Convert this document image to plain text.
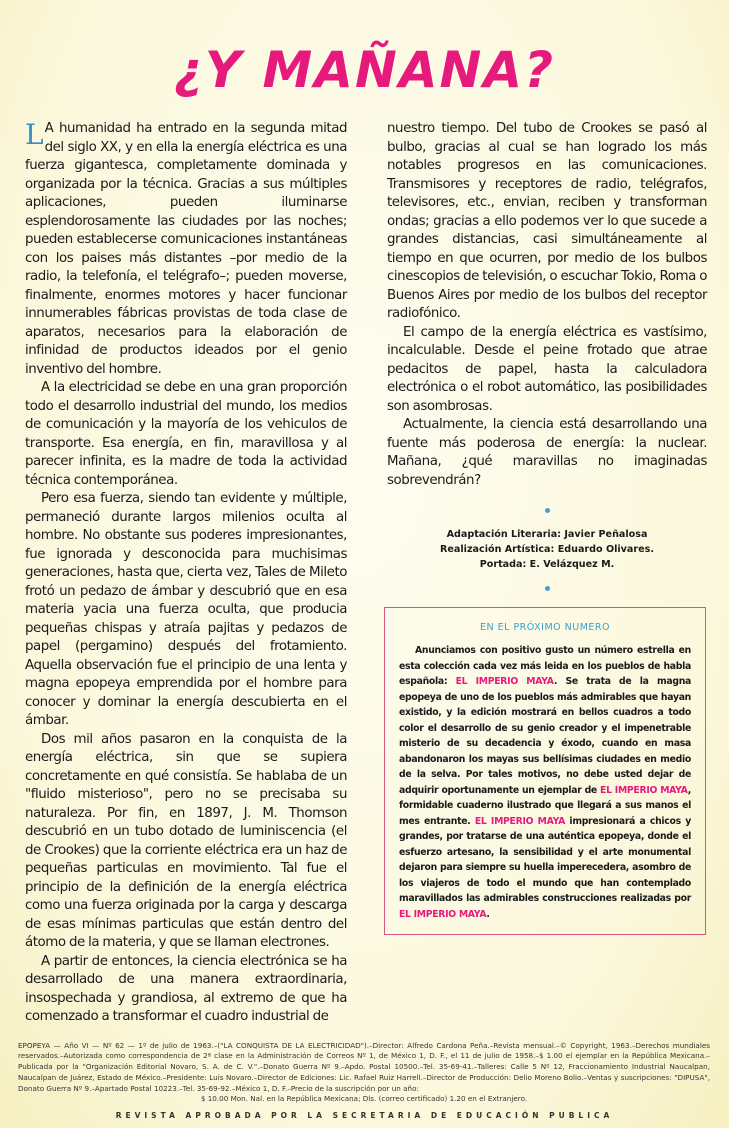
¿Y MAÑANA?

L A humanidad ha entrado en la segunda mitad del siglo XX, y en ella la energía eléctrica es una fuerza gigantesca, completamente dominada y organizada por la técnica. Gracias a sus múltiples aplicaciones, pueden iluminarse esplendorosamente las ciudades por las noches; pueden establecerse comunicaciones instantáneas con los paises más distantes –por medio de la radio, la telefonía, el telégrafo–; pueden moverse, finalmente, enormes motores y hacer funcionar innumerables fábricas provistas de toda clase de aparatos, necesarios para la elaboración de infinidad de productos ideados por el genio inventivo del hombre.

A la electricidad se debe en una gran proporción todo el desarrollo industrial del mundo, los medios de comunicación y la mayoría de los vehiculos de transporte. Esa energía, en fin, maravillosa y al parecer infinita, es la madre de toda la actividad técnica contemporánea.

Pero esa fuerza, siendo tan evidente y múltiple, permaneció durante largos milenios oculta al hombre. No obstante sus poderes impresionantes, fue ignorada y desconocida para muchisimas generaciones, hasta que, cierta vez, Tales de Mileto frotó un pedazo de ámbar y descubrió que en esa materia yacia una fuerza oculta, que producia pequeñas chispas y atraía pajitas y pedazos de papel (pergamino) después del frotamiento. Aquella observación fue el principio de una lenta y magna epopeya emprendida por el hombre para conocer y dominar la energía descubierta en el ámbar.

Dos mil años pasaron en la conquista de la energía eléctrica, sin que se supiera concretamente en qué consistía. Se hablaba de un "fluido misterioso", pero no se precisaba su naturaleza. Por fin, en 1897, J. M. Thomson descubrió en un tubo dotado de luminiscencia (el de Crookes) que la corriente eléctrica era un haz de pequeñas particulas en movimiento. Tal fue el principio de la definición de la energía eléctrica como una fuerza originada por la carga y descarga de esas mínimas particulas que están dentro del átomo de la materia, y que se llaman electrones.

A partir de entonces, la ciencia electrónica se ha desarrollado de una manera extraordinaria, insospechada y grandiosa, al extremo de que ha comenzado a transformar el cuadro industrial de

nuestro tiempo. Del tubo de Crookes se pasó al bulbo, gracias al cual se han logrado los más notables progresos en las comunicaciones. Transmisores y receptores de radio, telégrafos, televisores, etc., envian, reciben y transforman ondas; gracias a ello podemos ver lo que sucede a grandes distancias, casi simultáneamente al tiempo en que ocurren, por medio de los bulbos cinescopios de televisión, o escuchar Tokio, Roma o Buenos Aires por medio de los bulbos del receptor radiofónico.

El campo de la energía eléctrica es vastísimo, incalculable. Desde el peine frotado que atrae pedacitos de papel, hasta la calculadora electrónica o el robot automático, las posibilidades son asombrosas.

Actualmente, la ciencia está desarrollando una fuente más poderosa de energía: la nuclear. Mañana, ¿qué maravillas no imaginadas sobrevendrán?

Adaptación Literaria: Javier Peñalosa
Realización Artística: Eduardo Olivares.
Portada: E. Velázquez M.
EN EL PRÓXIMO NUMERO
Anunciamos con positivo gusto un número estrella en esta colección cada vez más leida en los pueblos de habla española: EL IMPERIO MAYA. Se trata de la magna epopeya de uno de los pueblos más admirables que hayan existido, y la edición mostrará en bellos cuadros a todo color el desarrollo de su genio creador y el impenetrable misterio de su decadencia y éxodo, cuando en masa abandonaron los mayas sus bellísimas ciudades en medio de la selva. Por tales motivos, no debe usted dejar de adquirir oportunamente un ejemplar de EL IMPERIO MAYA, formidable cuaderno ilustrado que llegará a sus manos el mes entrante. EL IMPERIO MAYA impresionará a chicos y grandes, por tratarse de una auténtica epopeya, donde el esfuerzo artesano, la sensibilidad y el arte monumental dejaron para siempre su huella imperecedera, asombro de los viajeros de todo el mundo que han contemplado maravillados las admirables construcciones realizadas por EL IMPERIO MAYA.
EPOPEYA — Año VI — Nº 62 — 1º de julio de 1963.–("LA CONQUISTA DE LA ELECTRICIDAD").–Director: Alfredo Cardona Peña.–Revista mensual.–© Copyright, 1963.–Derechos mundiales reservados.–Autorizada como correspondencia de 2ª clase en la Administración de Correos Nº 1, de México 1, D. F., el 11 de julio de 1958.–$ 1.00 el ejemplar en la República Mexicana.–Publicada por la "Organización Editorial Novaro, S. A. de C. V.".–Donato Guerra Nº 9.–Apdo. Postal 10500.–Tel. 35-69-41.–Talleres: Calle 5 Nº 12, Fraccionamiento Industrial Naucalpan, Naucalpan de Juárez, Estado de México.–Presidente: Luis Novaro.–Director de Ediciones: Lic. Rafael Ruiz Harrell.–Director de Producción: Delio Moreno Bolio.–Ventas y suscripciones: "DIPUSA", Donato Guerra Nº 9.–Apartado Postal 10223.–Tel. 35-69-92.–México 1, D. F.–Precio de la suscripción por un año:
$ 10.00 Mon. Nal. en la República Mexicana; Dls. (correo certificado) 1.20 en el Extranjero.
REVISTA APROBADA POR LA SECRETARIA DE EDUCACIÓN PUBLICA
